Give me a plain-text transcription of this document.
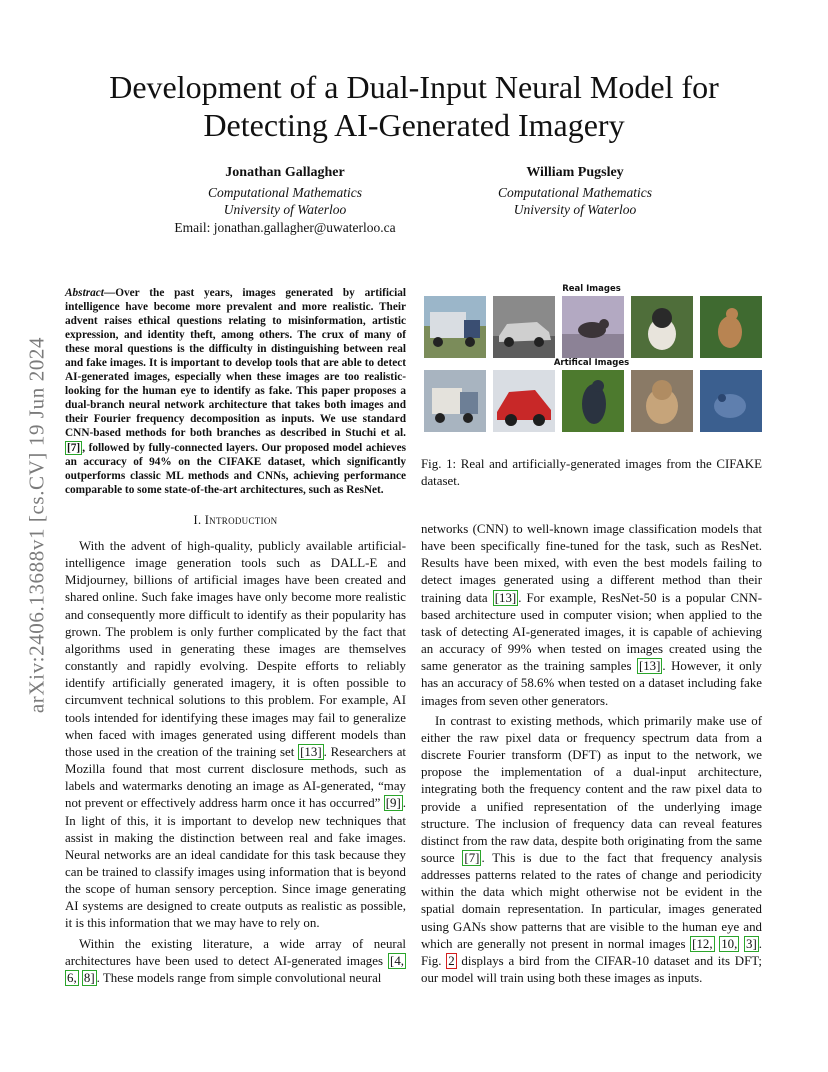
arXiv:2406.13688v1 [cs.CV] 19 Jun 2024
Development of a Dual-Input Neural Model for Detecting AI-Generated Imagery
Jonathan Gallagher
Computational Mathematics
University of Waterloo
Email: jonathan.gallagher@uwaterloo.ca
William Pugsley
Computational Mathematics
University of Waterloo
Abstract—Over the past years, images generated by artificial intelligence have become more prevalent and more realistic. Their advent raises ethical questions relating to misinformation, artistic expression, and identity theft, among others. The crux of many of these moral questions is the difficulty in distinguishing between real and fake images. It is important to develop tools that are able to detect AI-generated images, especially when these images are too realistic-looking for the human eye to identify as fake. This paper proposes a dual-branch neural network architecture that takes both images and their Fourier frequency decomposition as inputs. We use standard CNN-based methods for both branches as described in Stuchi et al. [7] , followed by fully-connected layers. Our proposed model achieves an accuracy of 94% on the CIFAKE dataset, which significantly outperforms classic ML methods and CNNs, achieving performance comparable to some state-of-the-art architectures, such as ResNet.
I. Introduction

With the advent of high-quality, publicly available artificial-intelligence image generation tools such as DALL-E and Midjourney, billions of artificial images have been created and shared online. Such fake images have only become more realistic and consequently more difficult to identify as their popularity has grown. The problem is only further complicated by the fact that algorithms used in generating these images are themselves constantly and rapidly evolving. Despite efforts to reliably identify artificially generated imagery, it is often possible to circumvent technical solutions to this problem. For example, AI tools intended for identifying these images may fail to generalize when faced with images generated using different models than those used in the creation of the training set [13] . Researchers at Mozilla found that most current disclosure methods, such as labels and watermarks denoting an image as AI-generated, “may not prevent or effectively address harm once it has occurred” [9] . In light of this, it is important to develop new techniques that assist in making the distinction between real and fake images. Neural networks are an ideal candidate for this task because they can be trained to classify images using information that is beyond the scope of human sensory perception. Since image generating AI systems are designed to create outputs as realistic as possible, it is this information that we may have to rely on.

Within the existing literature, a wide array of neural architectures have been used to detect AI-generated images [4, 6, 8] . These models range from simple convolutional neural

Real Images
Artifical Images
Fig. 1: Real and artificially-generated images from the CIFAKE dataset.

networks (CNN) to well-known image classification models that have been specifically fine-tuned for the task, such as ResNet. Results have been mixed, with even the best models failing to detect images generated using a different method than their training data [13] . For example, ResNet-50 is a popular CNN-based architecture used in computer vision; when applied to the task of detecting AI-generated images, it is capable of achieving an accuracy of 99% when tested on images created using the same generator as the training samples [13] . However, it only has an accuracy of 58.6% when tested on a dataset including fake images from seven other generators.

In contrast to existing methods, which primarily make use of either the raw pixel data or frequency spectrum data from a discrete Fourier transform (DFT) as input to the network, we propose the implementation of a dual-input architecture, integrating both the frequency content and the raw pixel data to provide a unified representation of the underlying image structure. The inclusion of frequency data can reveal features distinct from the raw data, despite both originating from the same source [7] . This is due to the fact that frequency analysis addresses patterns related to the rates of change and periodicity within the data which might otherwise not be evident in the spatial domain representation. In particular, images generated using GANs show patterns that are visible to the human eye and which are generally not present in normal images [12, 10, 3] . Fig. 2 displays a bird from the CIFAR-10 dataset and its DFT; our model will train using both these images as inputs.
